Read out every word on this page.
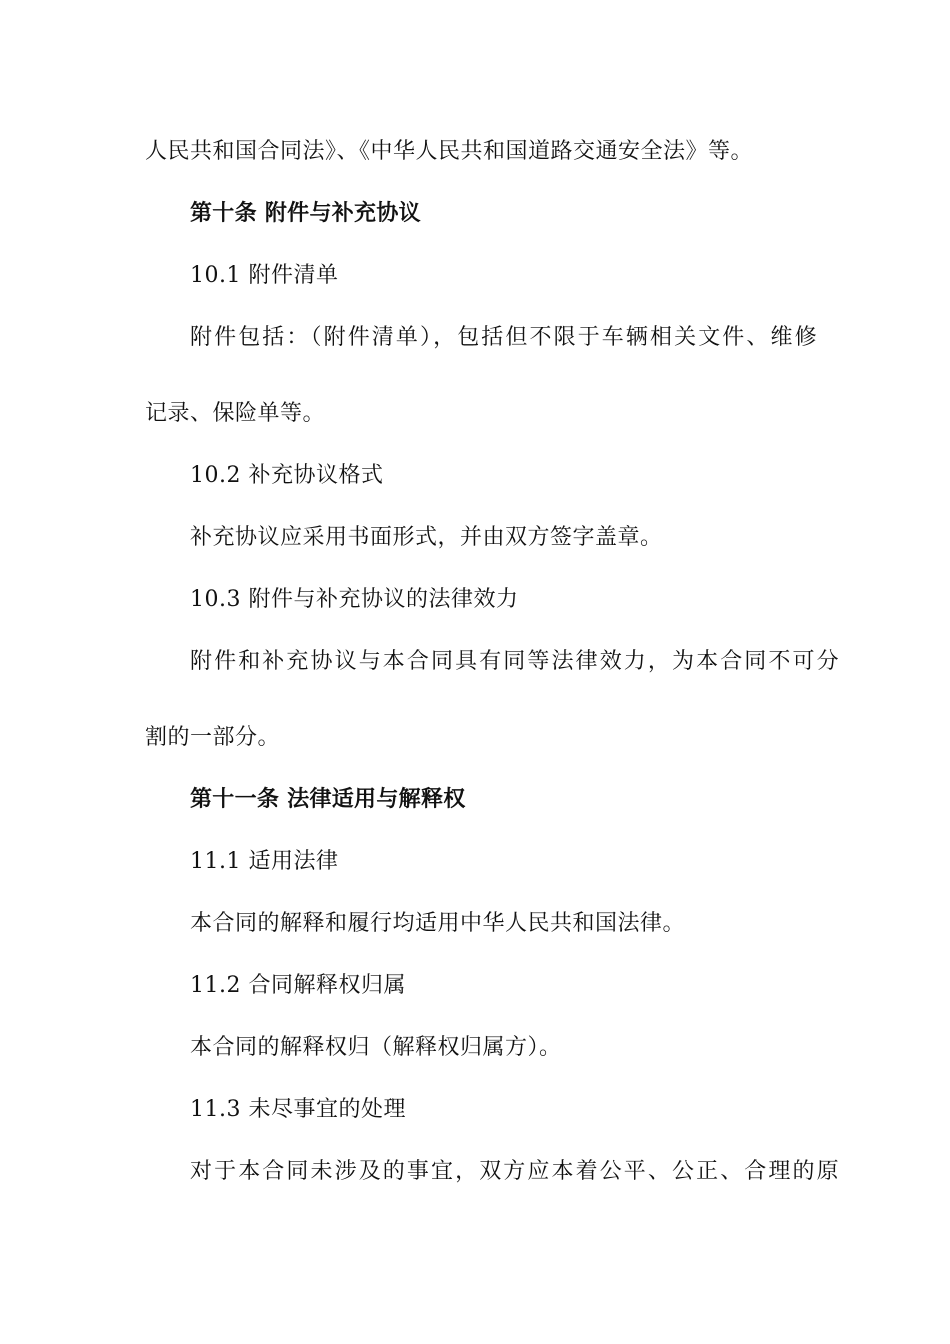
人民共和国合同法》、《中华人民共和国道路交通安全法》等。
第十条 附件与补充协议
10.1 附件清单
附件包括：（附件清单），包括但不限于车辆相关文件、维修
记录、保险单等。
10.2 补充协议格式
补充协议应采用书面形式，并由双方签字盖章。
10.3 附件与补充协议的法律效力
附件和补充协议与本合同具有同等法律效力，为本合同不可分
割的一部分。
第十一条 法律适用与解释权
11.1 适用法律
本合同的解释和履行均适用中华人民共和国法律。
11.2 合同解释权归属
本合同的解释权归（解释权归属方）。
11.3 未尽事宜的处理
对于本合同未涉及的事宜，双方应本着公平、公正、合理的原
